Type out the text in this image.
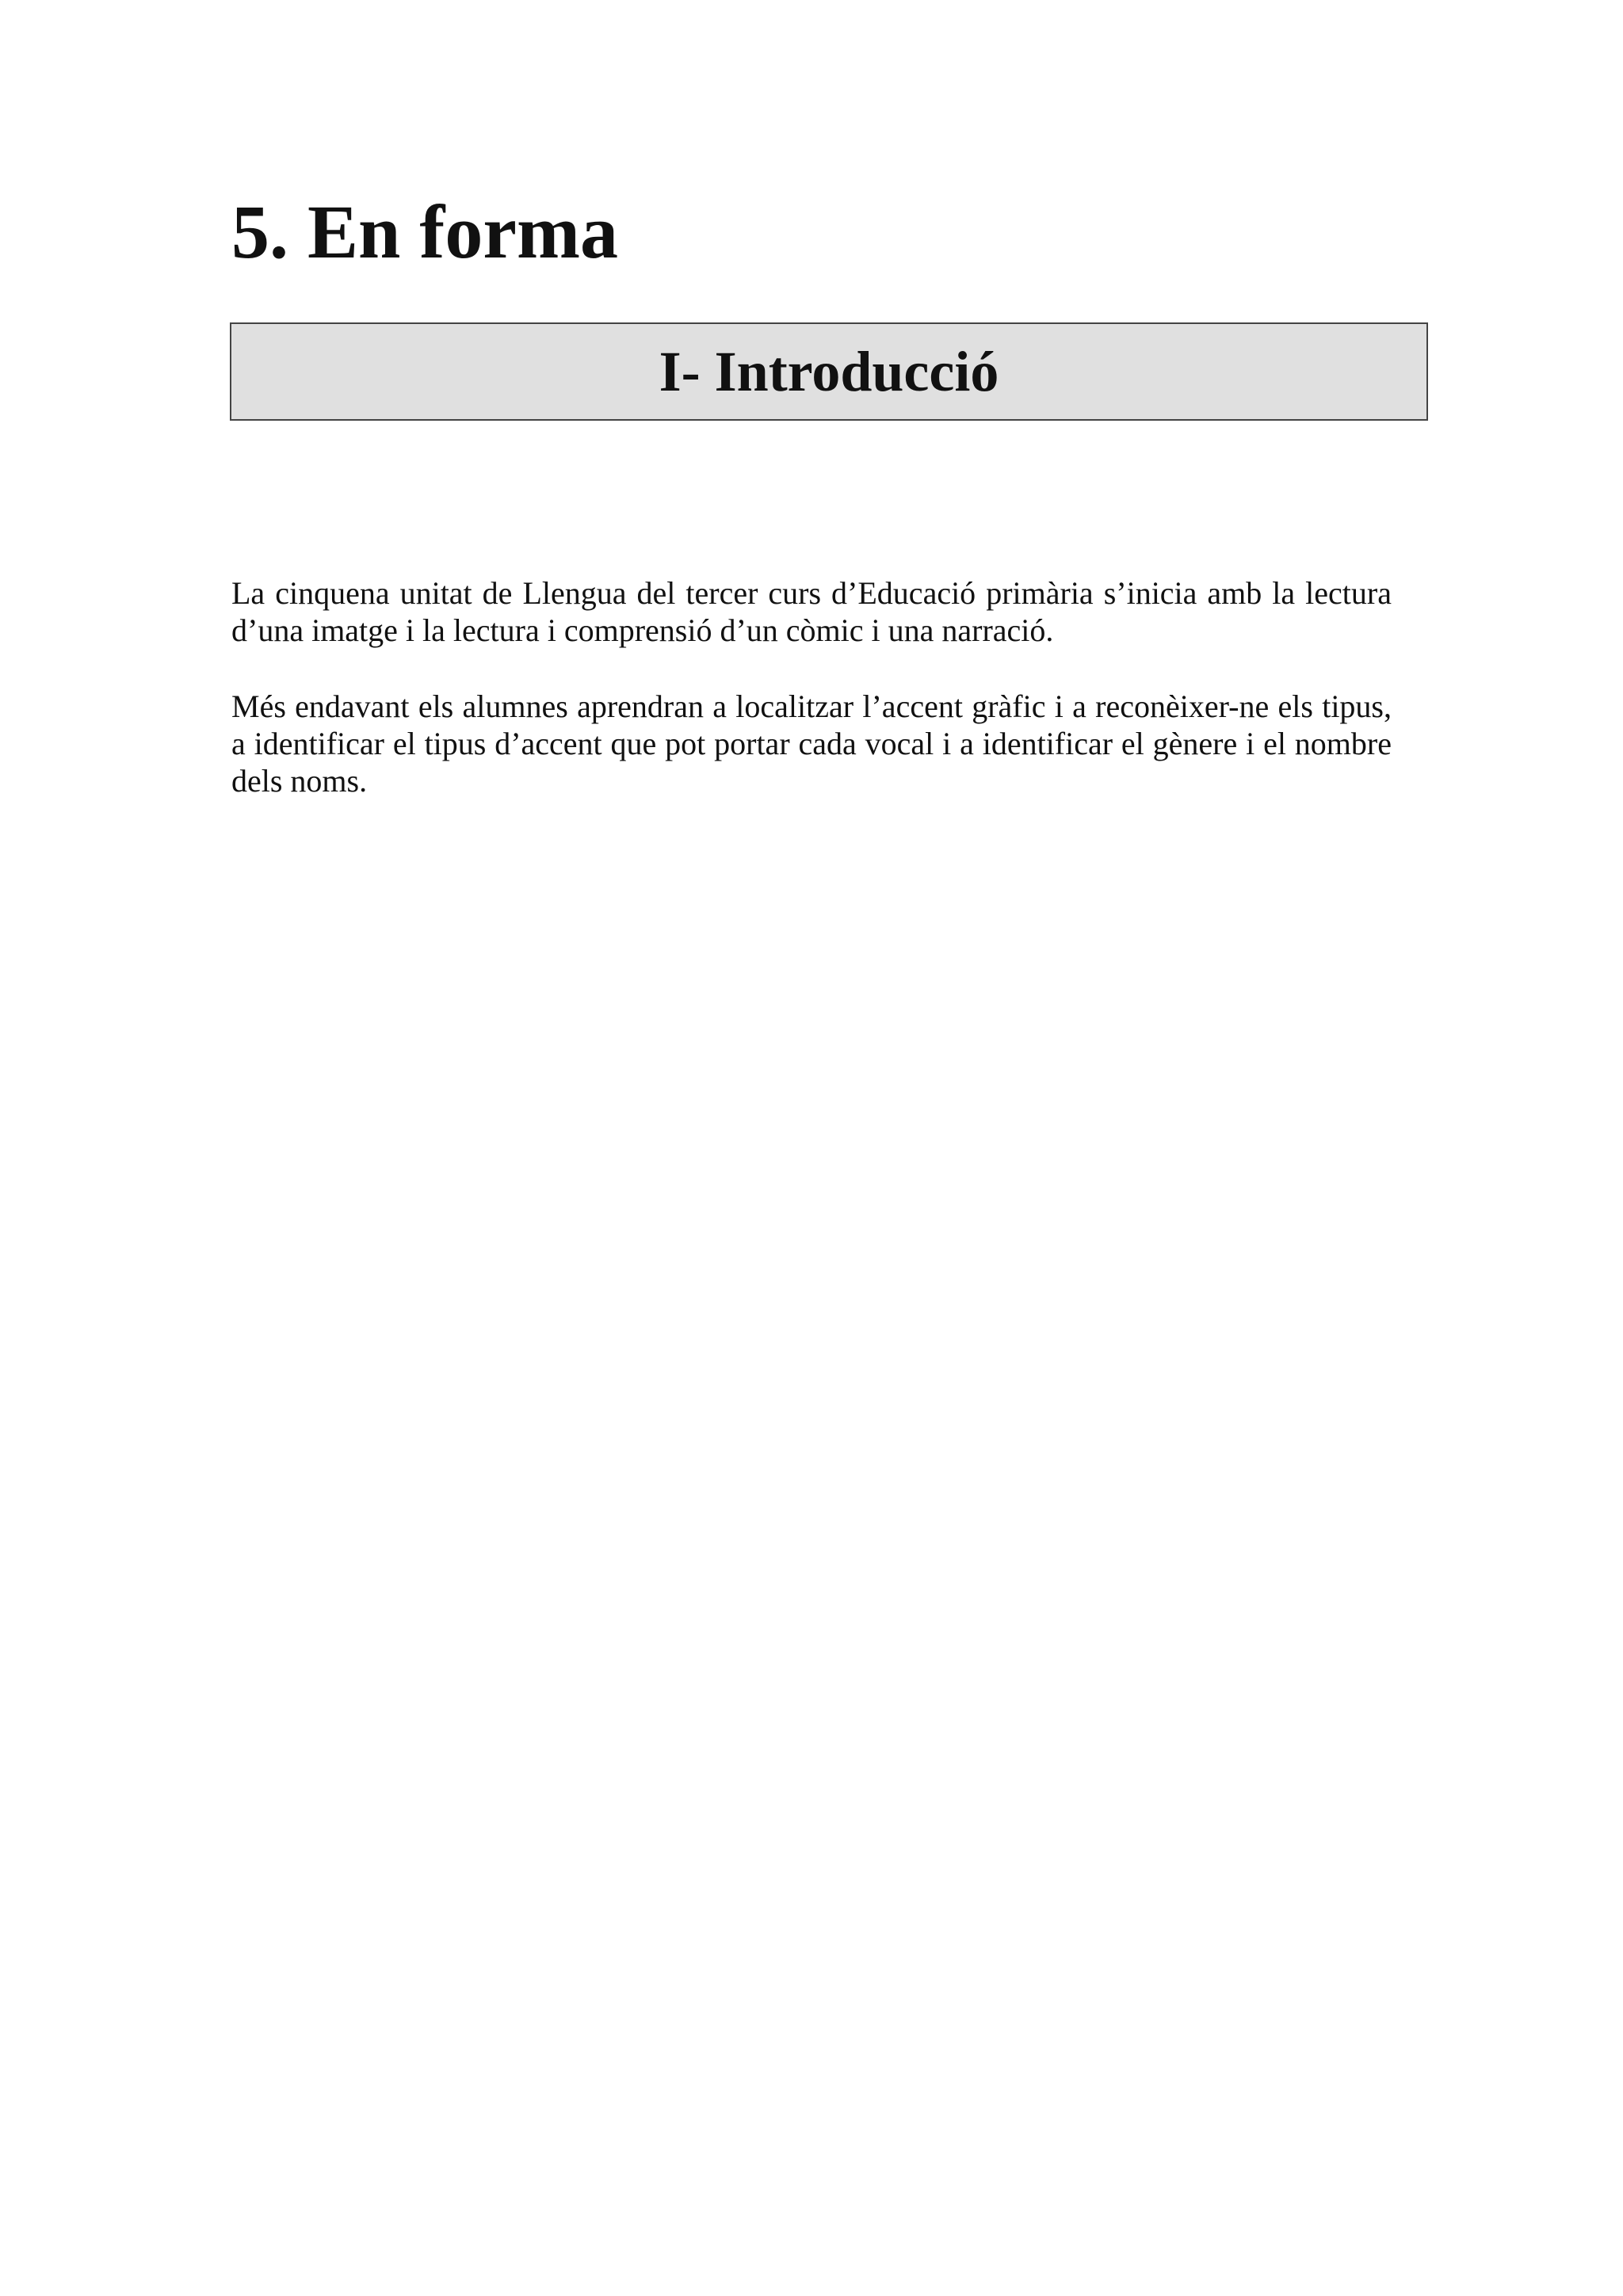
5. En forma
I- Introducció

La cinquena unitat de Llengua del tercer curs d’Educació primària s’inicia amb la lectura d’una imatge i la lectura i comprensió d’un còmic i una narració.

Més endavant els alumnes aprendran a localitzar l’accent gràfic i a reconèixer-ne els tipus, a identificar el tipus d’accent que pot portar cada vocal i a identificar el gènere i el nombre dels noms.
